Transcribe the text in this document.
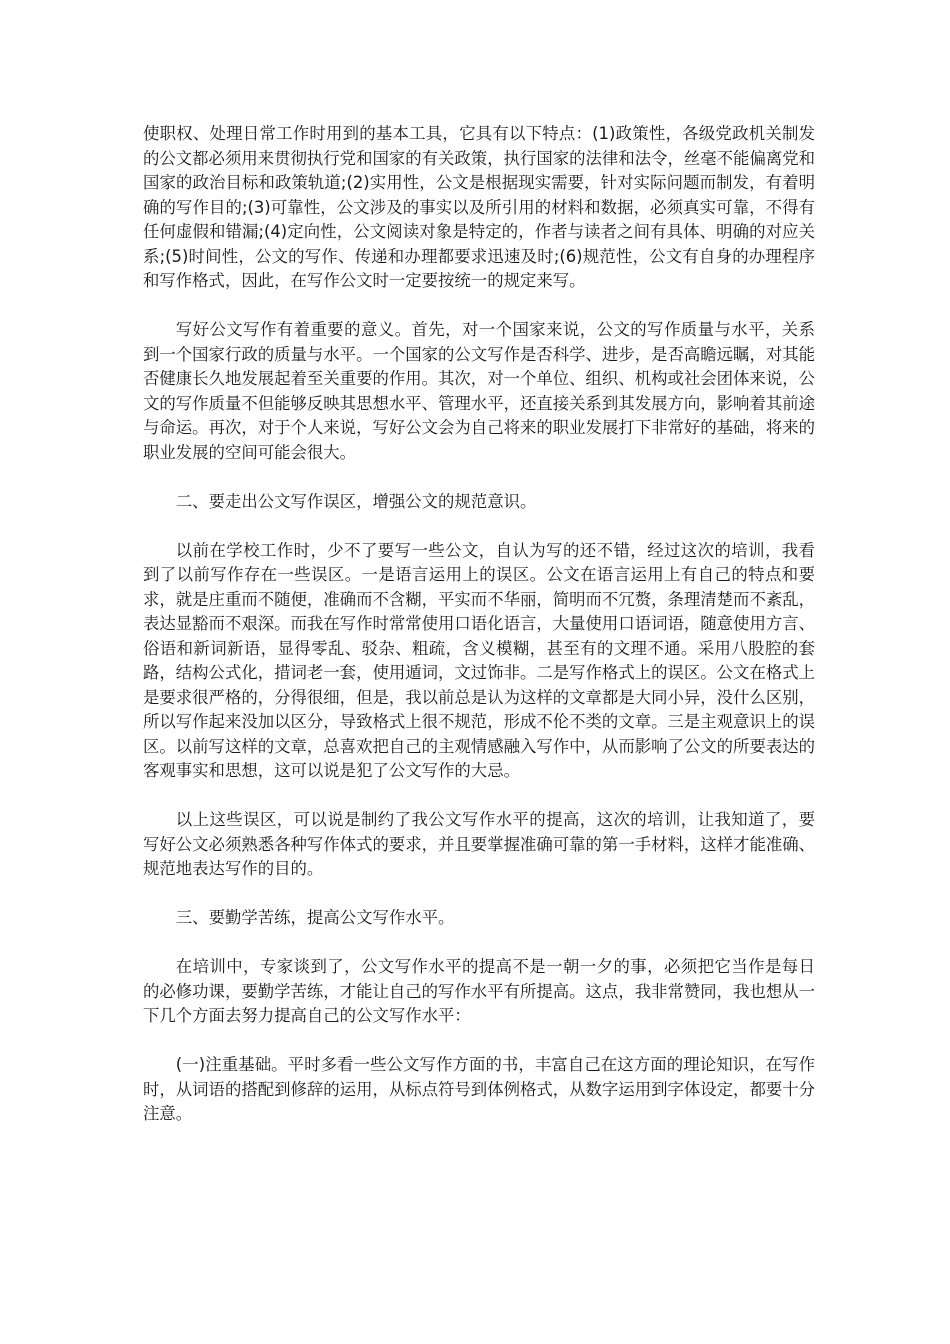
使职权、处理日常工作时用到的基本工具，它具有以下特点：(1)政策性，各级党政机关制发的公文都必须用来贯彻执行党和国家的有关政策，执行国家的法律和法令，丝毫不能偏离党和国家的政治目标和政策轨道;(2)实用性，公文是根据现实需要，针对实际问题而制发，有着明确的写作目的;(3)可靠性，公文涉及的事实以及所引用的材料和数据，必须真实可靠，不得有任何虚假和错漏;(4)定向性，公文阅读对象是特定的，作者与读者之间有具体、明确的对应关系;(5)时间性，公文的写作、传递和办理都要求迅速及时;(6)规范性，公文有自身的办理程序和写作格式，因此，在写作公文时一定要按统一的规定来写。

写好公文写作有着重要的意义。首先，对一个国家来说，公文的写作质量与水平，关系到一个国家行政的质量与水平。一个国家的公文写作是否科学、进步，是否高瞻远瞩，对其能否健康长久地发展起着至关重要的作用。其次，对一个单位、组织、机构或社会团体来说，公文的写作质量不但能够反映其思想水平、管理水平，还直接关系到其发展方向，影响着其前途与命运。再次，对于个人来说，写好公文会为自己将来的职业发展打下非常好的基础，将来的职业发展的空间可能会很大。

二、要走出公文写作误区，增强公文的规范意识。

以前在学校工作时，少不了要写一些公文，自认为写的还不错，经过这次的培训，我看到了以前写作存在一些误区。一是语言运用上的误区。公文在语言运用上有自己的特点和要求，就是庄重而不随便，准确而不含糊，平实而不华丽，简明而不冗赘，条理清楚而不紊乱，表达显豁而不艰深。而我在写作时常常使用口语化语言，大量使用口语词语，随意使用方言、俗语和新词新语，显得零乱、驳杂、粗疏，含义模糊，甚至有的文理不通。采用八股腔的套路，结构公式化，措词老一套，使用遁词，文过饰非。二是写作格式上的误区。公文在格式上是要求很严格的，分得很细，但是，我以前总是认为这样的文章都是大同小异，没什么区别，所以写作起来没加以区分，导致格式上很不规范，形成不伦不类的文章。三是主观意识上的误区。以前写这样的文章，总喜欢把自己的主观情感融入写作中，从而影响了公文的所要表达的客观事实和思想，这可以说是犯了公文写作的大忌。

以上这些误区，可以说是制约了我公文写作水平的提高，这次的培训，让我知道了，要写好公文必须熟悉各种写作体式的要求，并且要掌握准确可靠的第一手材料，这样才能准确、规范地表达写作的目的。

三、要勤学苦练，提高公文写作水平。

在培训中，专家谈到了，公文写作水平的提高不是一朝一夕的事，必须把它当作是每日的必修功课，要勤学苦练，才能让自己的写作水平有所提高。这点，我非常赞同，我也想从一下几个方面去努力提高自己的公文写作水平：

(一)注重基础。平时多看一些公文写作方面的书，丰富自己在这方面的理论知识，在写作时，从词语的搭配到修辞的运用，从标点符号到体例格式，从数字运用到字体设定，都要十分注意。
